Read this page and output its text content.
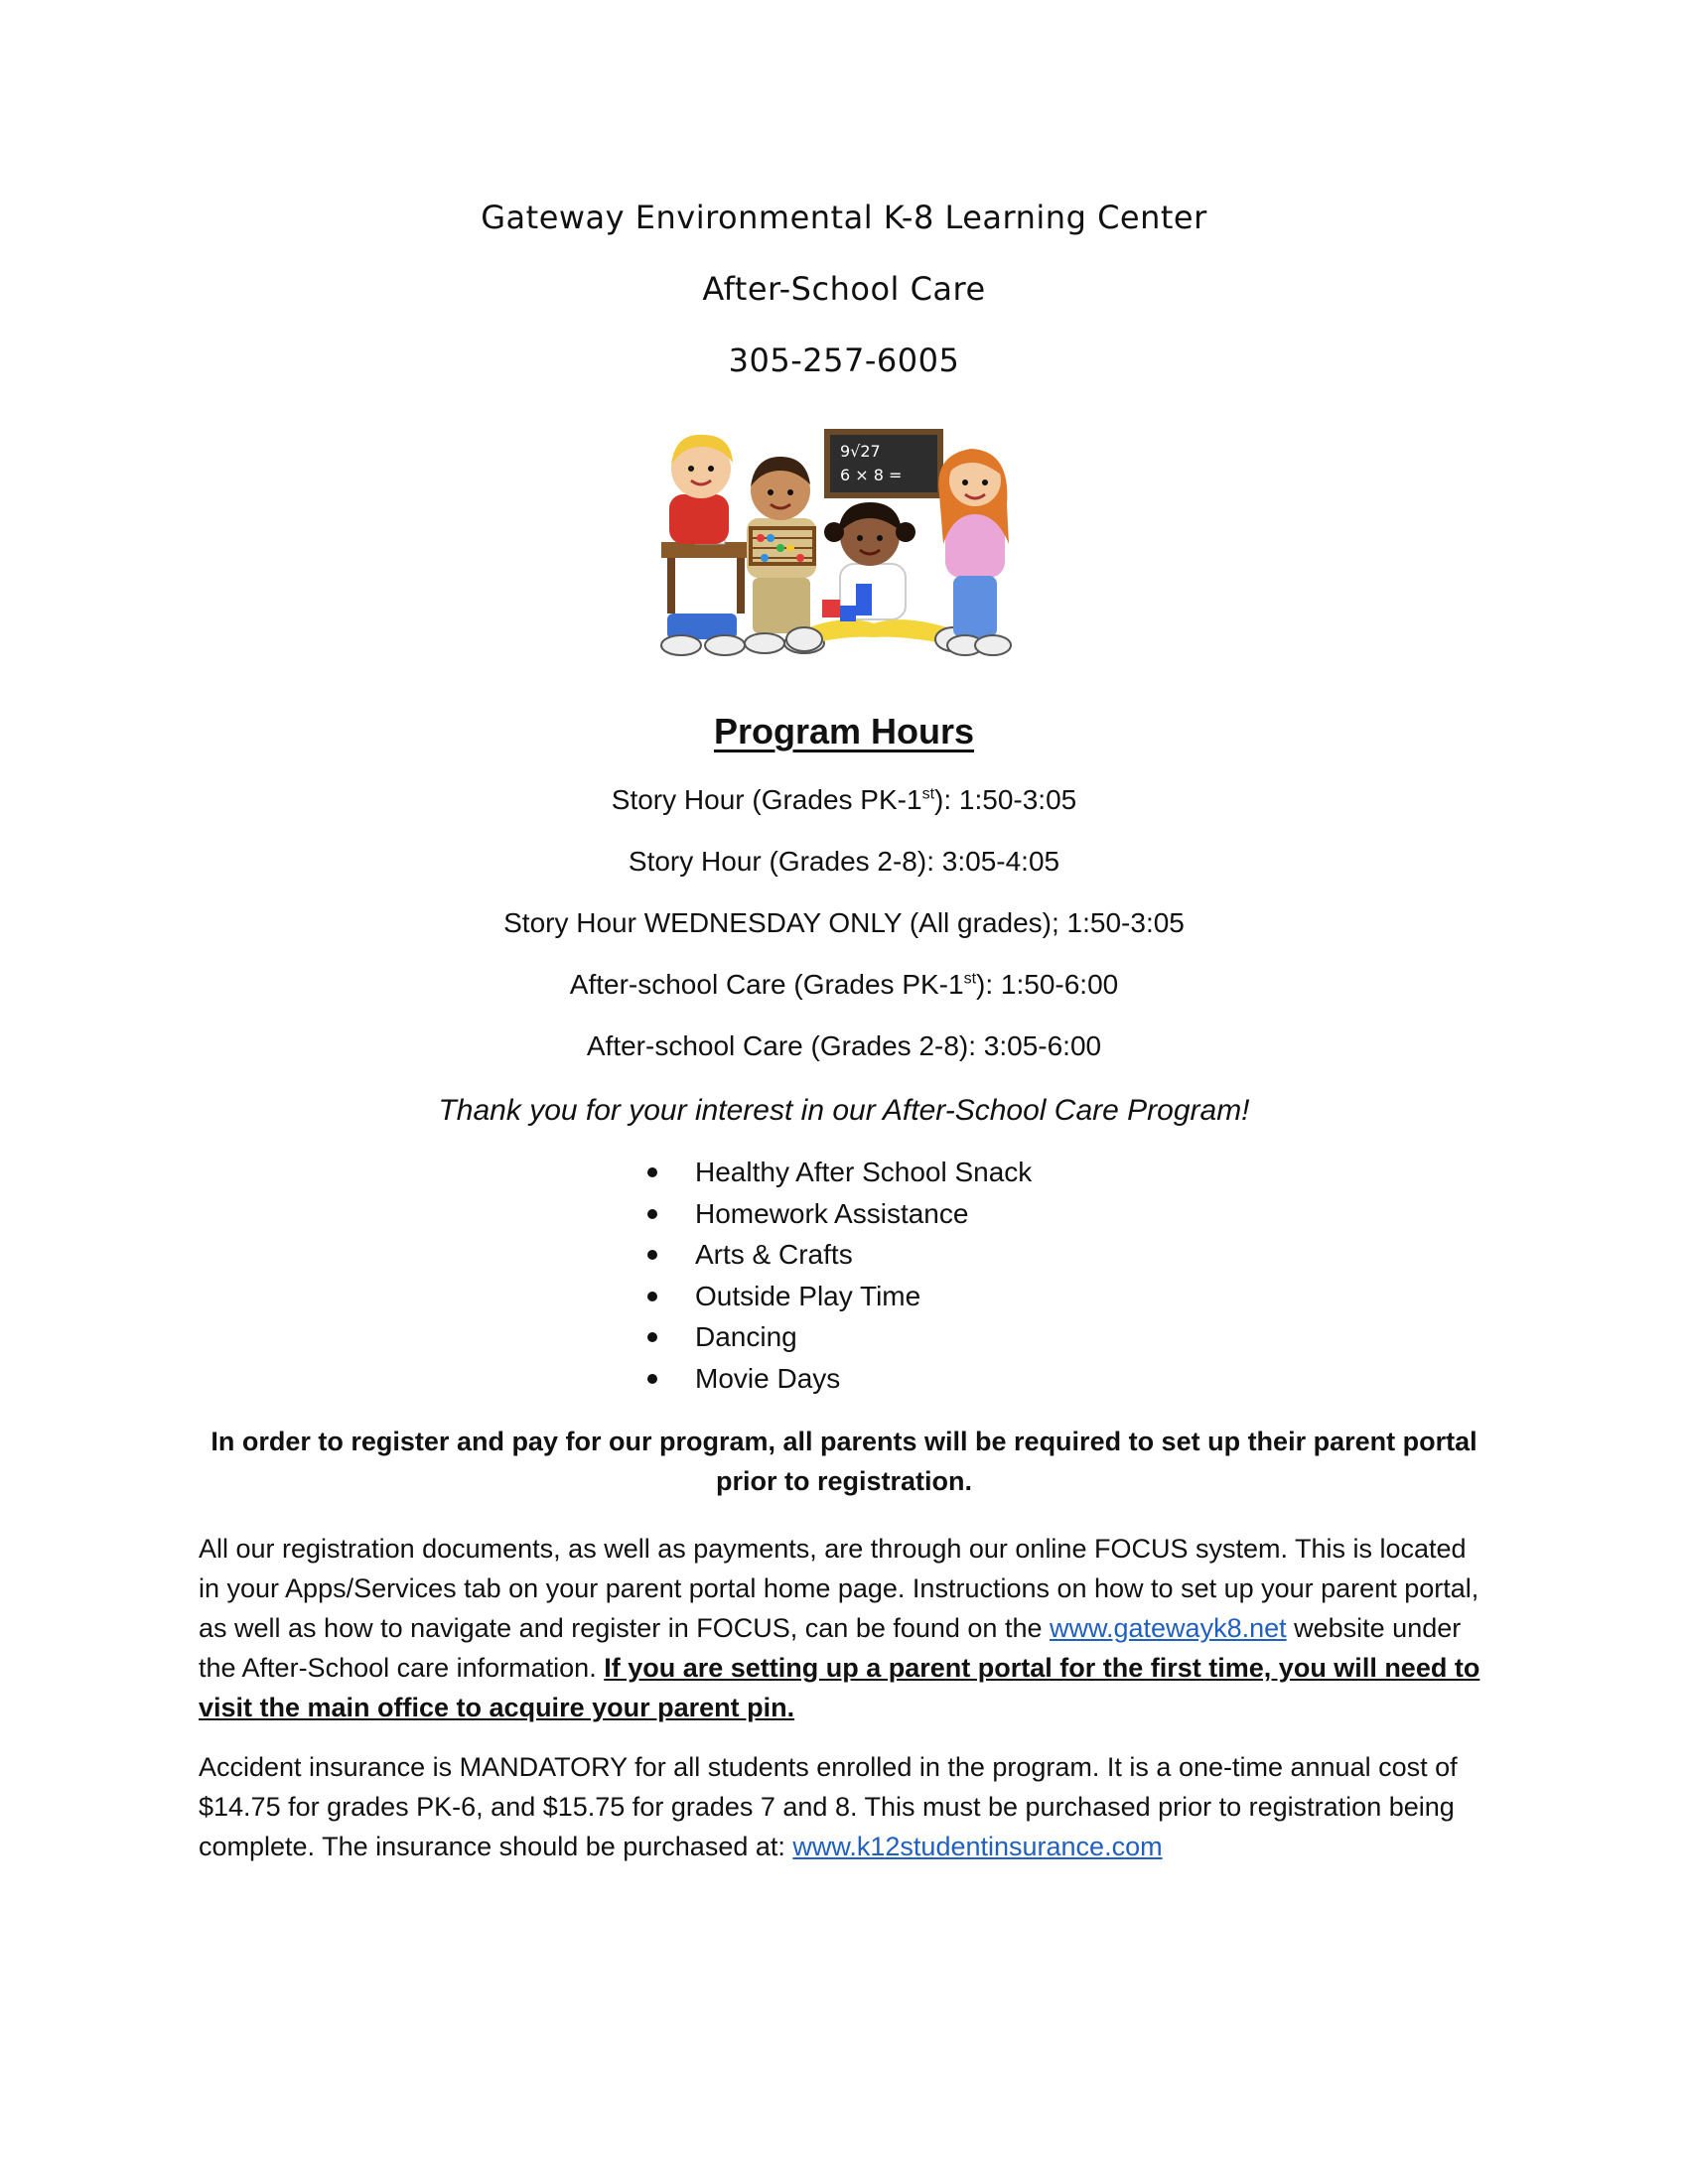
Gateway Environmental K-8 Learning Center
After-School Care
305-257-6005
9√27
6 × 8 =
Program Hours
Story Hour (Grades PK-1st): 1:50-3:05
Story Hour (Grades 2-8): 3:05-4:05
Story Hour WEDNESDAY ONLY (All grades); 1:50-3:05
After-school Care (Grades PK-1st): 1:50-6:00
After-school Care (Grades 2-8): 3:05-6:00
Thank you for your interest in our After-School Care Program!
Healthy After School Snack
Homework Assistance
Arts & Crafts
Outside Play Time
Dancing
Movie Days
In order to register and pay for our program, all parents will be required to set up their parent portal prior to registration.
All our registration documents, as well as payments, are through our online FOCUS system. This is located in your Apps/Services tab on your parent portal home page. Instructions on how to set up your parent portal, as well as how to navigate and register in FOCUS, can be found on the www.gatewayk8.net website under the After-School care information. If you are setting up a parent portal for the first time, you will need to visit the main office to acquire your parent pin.
Accident insurance is MANDATORY for all students enrolled in the program. It is a one-time annual cost of $14.75 for grades PK-6, and $15.75 for grades 7 and 8. This must be purchased prior to registration being complete. The insurance should be purchased at: www.k12studentinsurance.com
